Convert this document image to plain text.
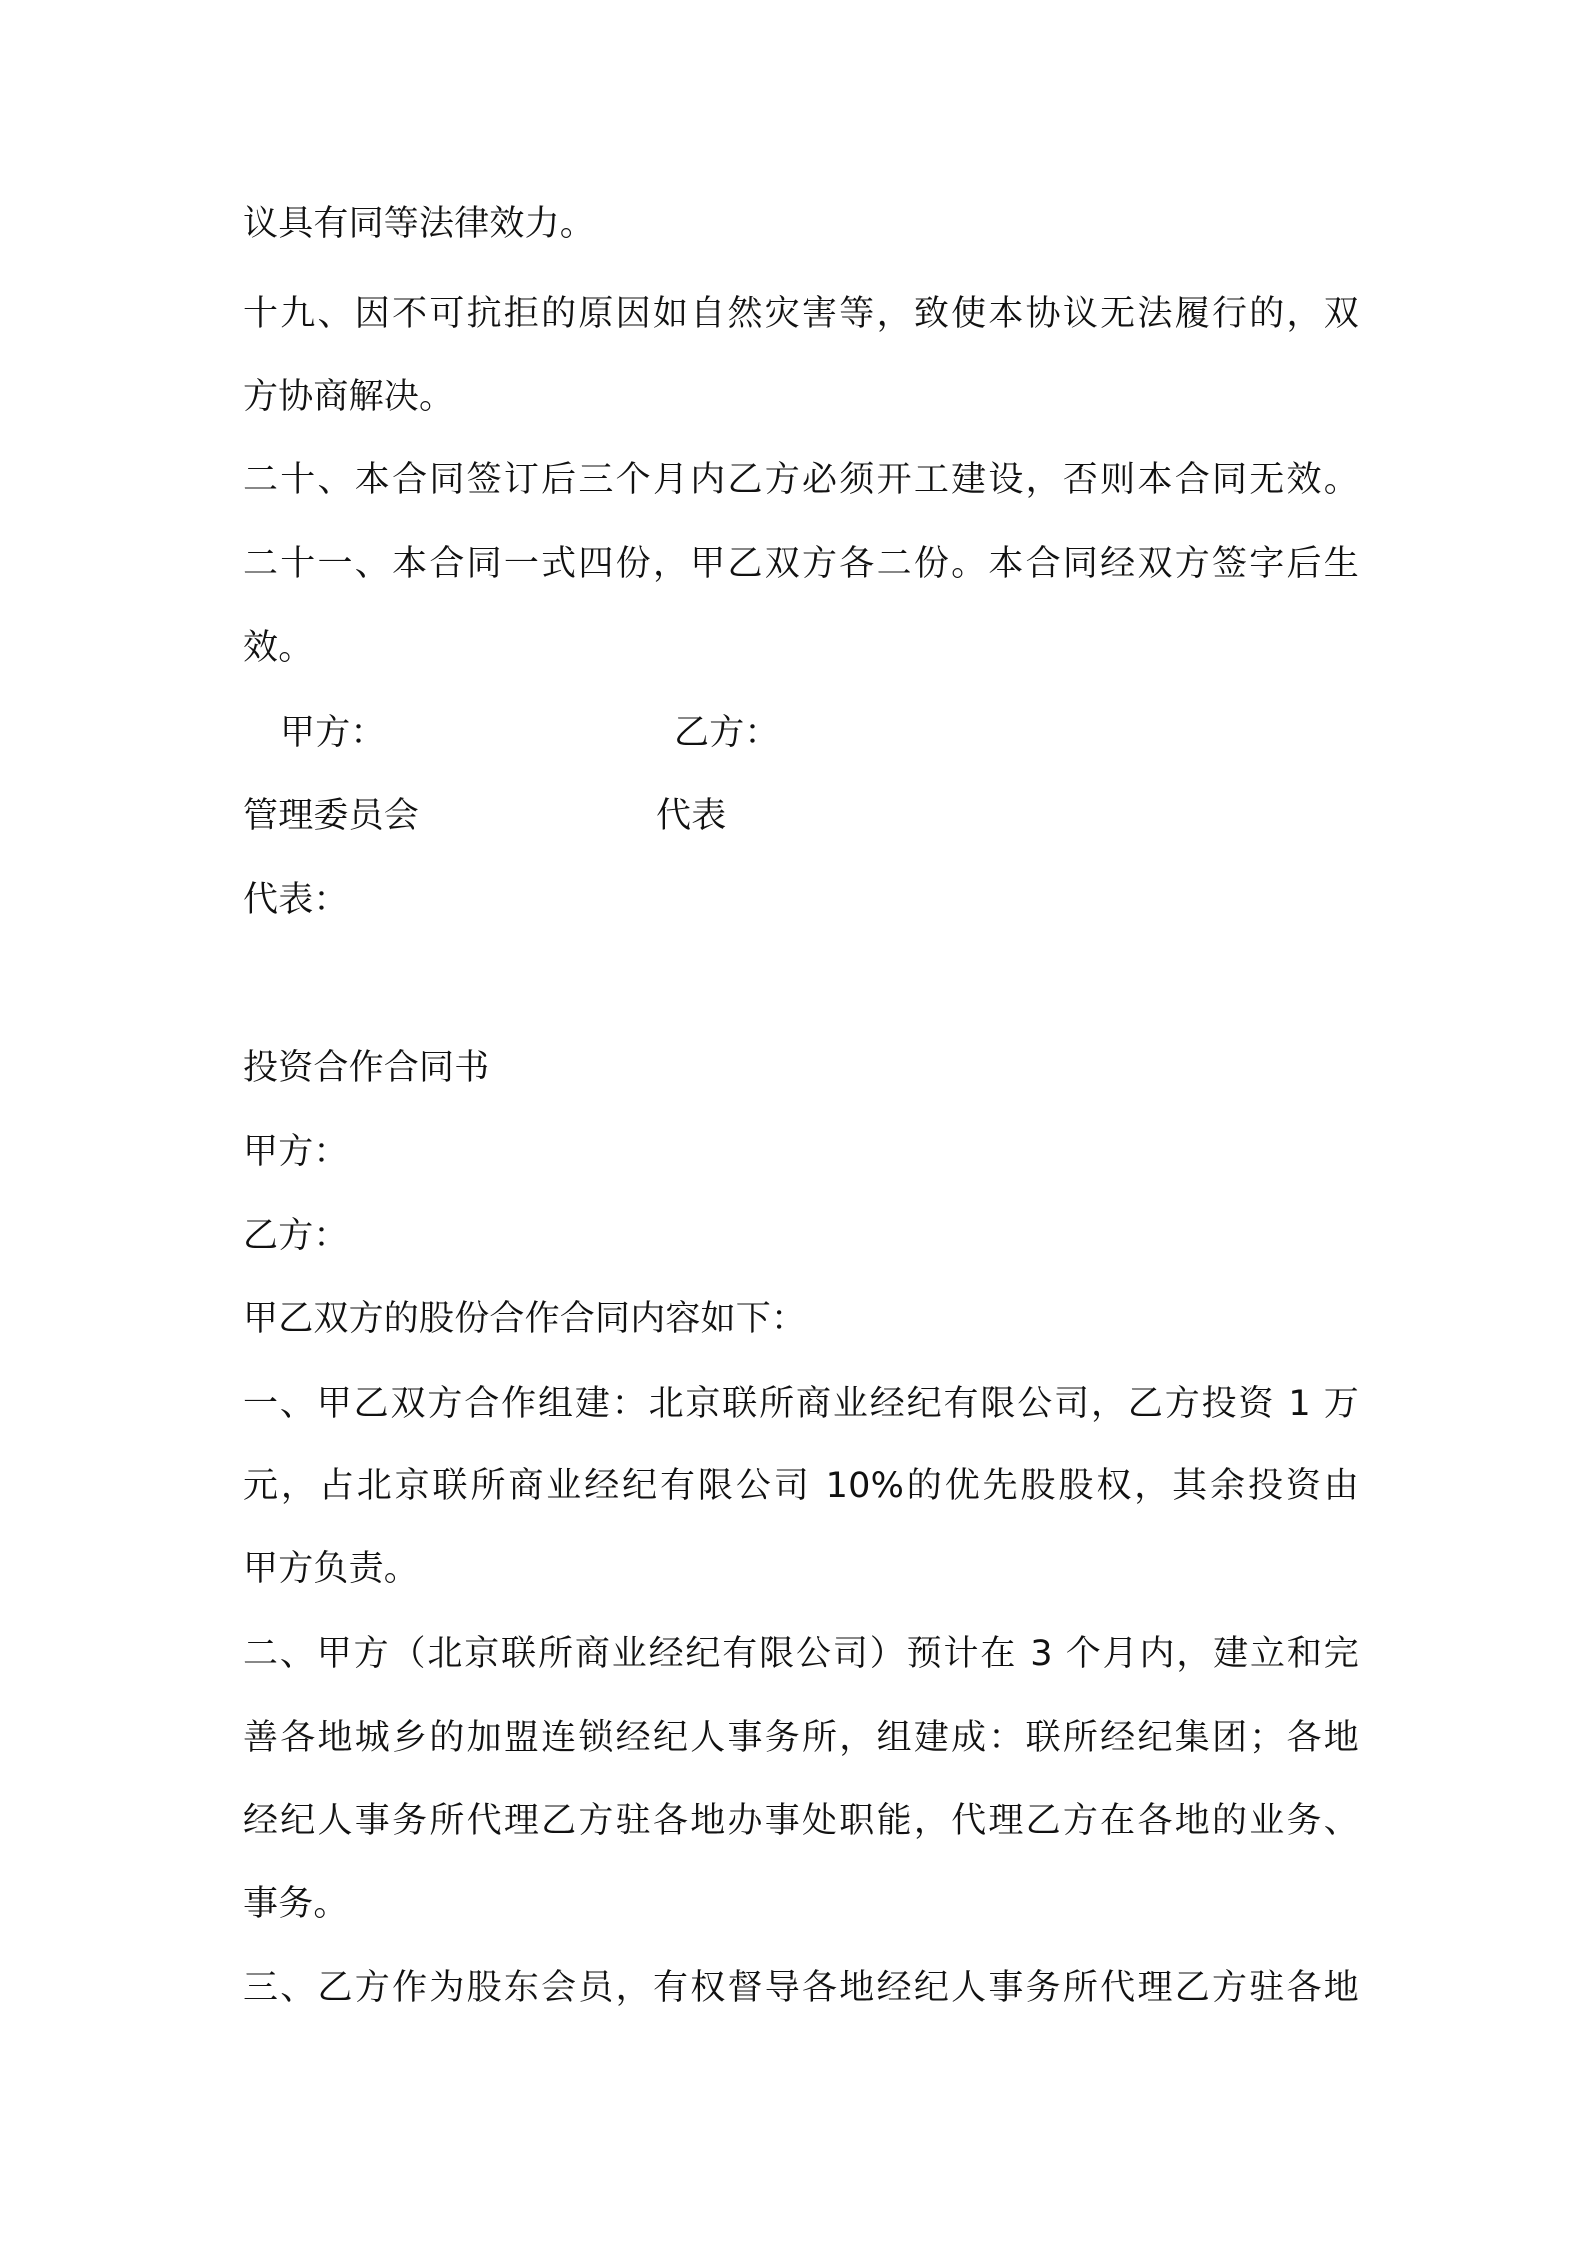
议具有同等法律效力。
十九、因不可抗拒的原因如自然灾害等，致使本协议无法履行的，双
方协商解决。
二十、本合同签订后三个月内乙方必须开工建设，否则本合同无效。
二十一、本合同一式四份，甲乙双方各二份。本合同经双方签字后生
效。
甲方：	乙方：
管理委员会	代表
代表：
投资合作合同书
甲方：
乙方：
甲乙双方的股份合作合同内容如下：
一、甲乙双方合作组建：北京联所商业经纪有限公司，乙方投资 1 万
元，占北京联所商业经纪有限公司 10%的优先股股权，其余投资由
甲方负责。
二、甲方（北京联所商业经纪有限公司）预计在 3 个月内，建立和完
善各地城乡的加盟连锁经纪人事务所，组建成：联所经纪集团；各地
经纪人事务所代理乙方驻各地办事处职能，代理乙方在各地的业务、
事务。
三、乙方作为股东会员，有权督导各地经纪人事务所代理乙方驻各地
